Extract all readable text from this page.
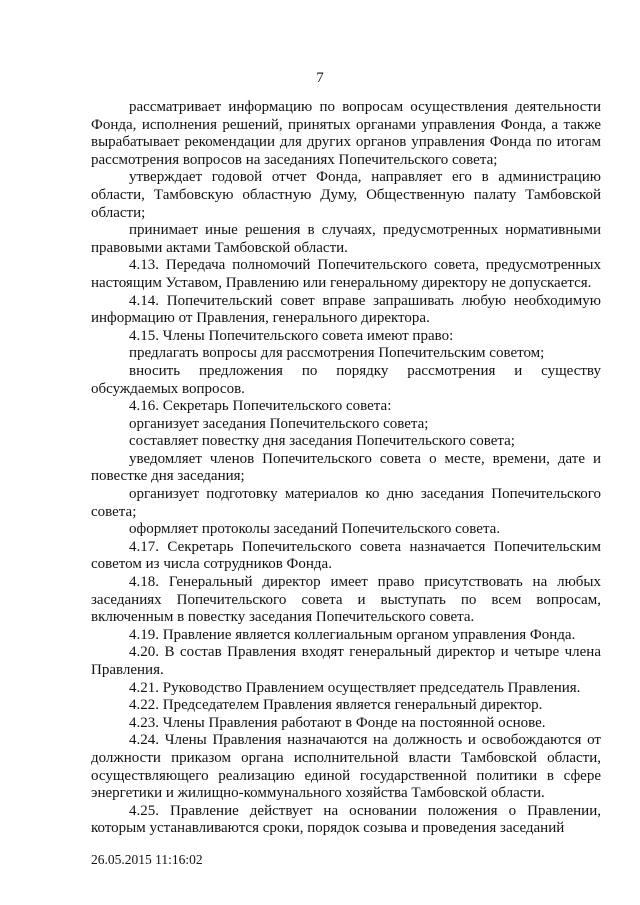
7

рассматривает информацию по вопросам осуществления деятельности Фонда, исполнения решений, принятых органами управления Фонда, а также вырабатывает рекомендации для других органов управления Фонда по итогам рассмотрения вопросов на заседаниях Попечительского совета;

утверждает годовой отчет Фонда, направляет его в администрацию области, Тамбовскую областную Думу, Общественную палату Тамбовской области;

принимает иные решения в случаях, предусмотренных нормативными правовыми актами Тамбовской области.

4.13. Передача полномочий Попечительского совета, предусмотренных настоящим Уставом, Правлению или генеральному директору не допускается.

4.14. Попечительский совет вправе запрашивать любую необходимую информацию от Правления, генерального директора.

4.15. Члены Попечительского совета имеют право:

предлагать вопросы для рассмотрения Попечительским советом;

вносить предложения по порядку рассмотрения и существу обсуждаемых вопросов.

4.16. Секретарь Попечительского совета:

организует заседания Попечительского совета;

составляет повестку дня заседания Попечительского совета;

уведомляет членов Попечительского совета о месте, времени, дате и повестке дня заседания;

организует подготовку материалов ко дню заседания Попечительского совета;

оформляет протоколы заседаний Попечительского совета.

4.17. Секретарь Попечительского совета назначается Попечительским советом из числа сотрудников Фонда.

4.18. Генеральный директор имеет право присутствовать на любых заседаниях Попечительского совета и выступать по всем вопросам, включенным в повестку заседания Попечительского совета.

4.19. Правление является коллегиальным органом управления Фонда.

4.20. В состав Правления входят генеральный директор и четыре члена Правления.

4.21. Руководство Правлением осуществляет председатель Правления.

4.22. Председателем Правления является генеральный директор.

4.23. Члены Правления работают в Фонде на постоянной основе.

4.24. Члены Правления назначаются на должность и освобождаются от должности приказом органа исполнительной власти Тамбовской области, осуществляющего реализацию единой государственной политики в сфере энергетики и жилищно-коммунального хозяйства Тамбовской области.

4.25. Правление действует на основании положения о Правлении, которым устанавливаются сроки, порядок созыва и проведения заседаний

26.05.2015 11:16:02
